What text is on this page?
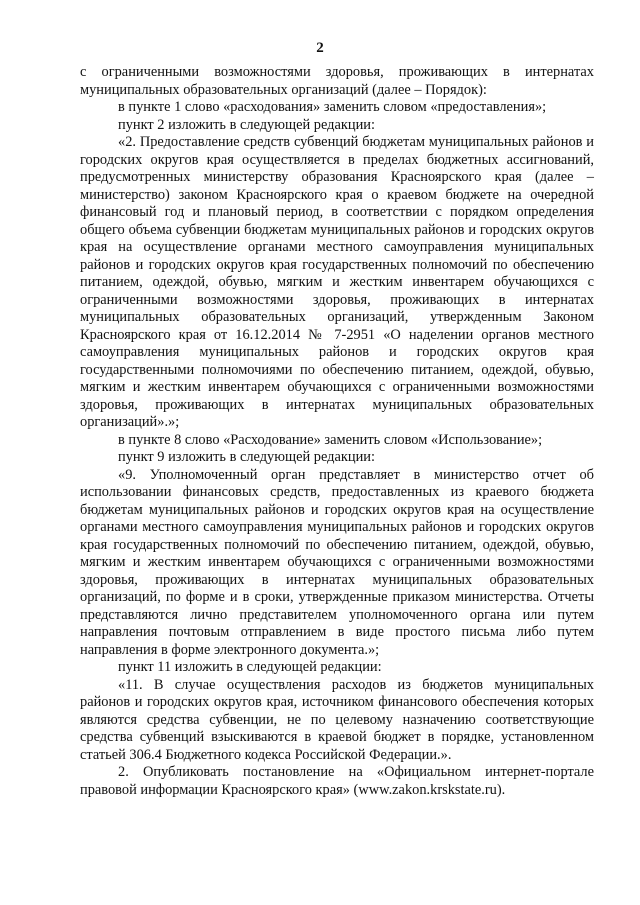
2

с ограниченными возможностями здоровья, проживающих в интернатах муниципальных образовательных организаций (далее – Порядок):

в пункте 1 слово «расходования» заменить словом «предоставления»;

пункт 2 изложить в следующей редакции:

«2. Предоставление средств субвенций бюджетам муниципальных районов и городских округов края осуществляется в пределах бюджетных ассигнований, предусмотренных министерству образования Красноярского края (далее – министерство) законом Красноярского края о краевом бюджете на очередной финансовый год и плановый период, в соответствии с порядком определения общего объема субвенции бюджетам муниципальных районов и городских округов края на осуществление органами местного самоуправления муниципальных районов и городских округов края государственных полномочий по обеспечению питанием, одеждой, обувью, мягким и жестким инвентарем обучающихся с ограниченными возможностями здоровья, проживающих в интернатах муниципальных образовательных организаций, утвержденным Законом Красноярского края от 16.12.2014 № 7-2951 «О наделении органов местного самоуправления муниципальных районов и городских округов края государственными полномочиями по обеспечению питанием, одеждой, обувью, мягким и жестким инвентарем обучающихся с ограниченными возможностями здоровья, проживающих в интернатах муниципальных образовательных организаций».»;

в пункте 8 слово «Расходование» заменить словом «Использование»;

пункт 9 изложить в следующей редакции:

«9. Уполномоченный орган представляет в министерство отчет об использовании финансовых средств, предоставленных из краевого бюджета бюджетам муниципальных районов и городских округов края на осуществление органами местного самоуправления муниципальных районов и городских округов края государственных полномочий по обеспечению питанием, одеждой, обувью, мягким и жестким инвентарем обучающихся с ограниченными возможностями здоровья, проживающих в интернатах муниципальных образовательных организаций, по форме и в сроки, утвержденные приказом министерства. Отчеты представляются лично представителем уполномоченного органа или путем направления почтовым отправлением в виде простого письма либо путем направления в форме электронного документа.»;

пункт 11 изложить в следующей редакции:

«11. В случае осуществления расходов из бюджетов муниципальных районов и городских округов края, источником финансового обеспечения которых являются средства субвенции, не по целевому назначению соответствующие средства субвенций взыскиваются в краевой бюджет в порядке, установленном статьей 306.4 Бюджетного кодекса Российской Федерации.».

2. Опубликовать постановление на «Официальном интернет-портале правовой информации Красноярского края» (www.zakon.krskstate.ru).
